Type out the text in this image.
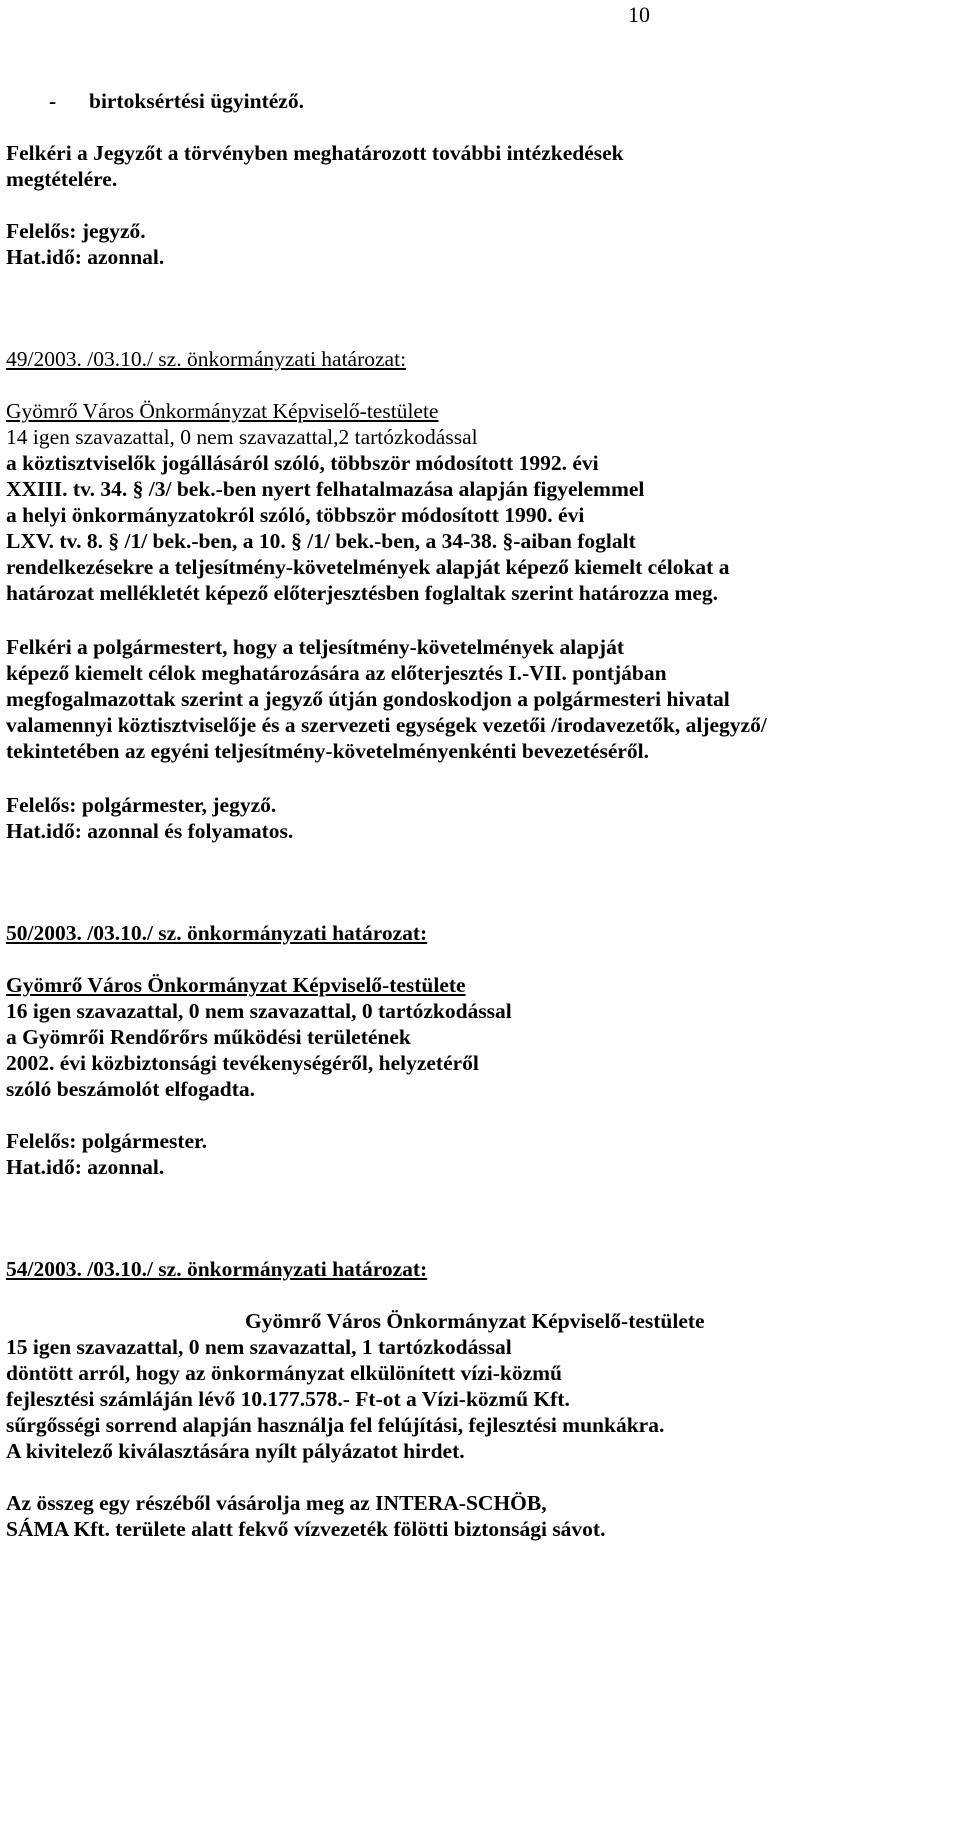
10
- birtoksértési ügyintéző.
Felkéri a Jegyzőt a törvényben meghatározott további intézkedések
megtételére.
Felelős: jegyző.
Hat.idő: azonnal.
49/2003. /03.10./ sz. önkormányzati határozat:
Gyömrő Város Önkormányzat Képviselő-testülete
14 igen szavazattal, 0 nem szavazattal,2 tartózkodással
a köztisztviselők jogállásáról szóló, többször módosított 1992. évi
XXIII. tv. 34. § /3/ bek.-ben nyert felhatalmazása alapján figyelemmel
a helyi önkormányzatokról szóló, többször módosított 1990. évi
LXV. tv. 8. § /1/ bek.-ben, a 10. § /1/ bek.-ben, a 34-38. §-aiban foglalt
rendelkezésekre a teljesítmény-követelmények alapját képező kiemelt célokat a
határozat mellékletét képező előterjesztésben foglaltak szerint határozza meg.
Felkéri a polgármestert, hogy a teljesítmény-követelmények alapját
képező kiemelt célok meghatározására az előterjesztés I.-VII. pontjában
megfogalmazottak szerint a jegyző útján gondoskodjon a polgármesteri hivatal
valamennyi köztisztviselője és a szervezeti egységek vezetői /irodavezetők, aljegyző/
tekintetében az egyéni teljesítmény-követelményenkénti bevezetéséről.
Felelős: polgármester, jegyző.
Hat.idő: azonnal és folyamatos.
50/2003. /03.10./ sz. önkormányzati határozat:
Gyömrő Város Önkormányzat Képviselő-testülete
16 igen szavazattal, 0 nem szavazattal, 0 tartózkodással
a Gyömrői Rendőrőrs működési területének
2002. évi közbiztonsági tevékenységéről, helyzetéről
szóló beszámolót elfogadta.
Felelős: polgármester.
Hat.idő: azonnal.
54/2003. /03.10./ sz. önkormányzati határozat:
Gyömrő Város Önkormányzat Képviselő-testülete
15 igen szavazattal, 0 nem szavazattal, 1 tartózkodással
döntött arról, hogy az önkormányzat elkülönített vízi-közmű
fejlesztési számláján lévő 10.177.578.- Ft-ot a Vízi-közmű Kft.
sűrgősségi sorrend alapján használja fel felújítási, fejlesztési munkákra.
A kivitelező kiválasztására nyílt pályázatot hirdet.
Az összeg egy részéből vásárolja meg az INTERA-SCHÖB,
SÁMA Kft. területe alatt fekvő vízvezeték fölötti biztonsági sávot.
